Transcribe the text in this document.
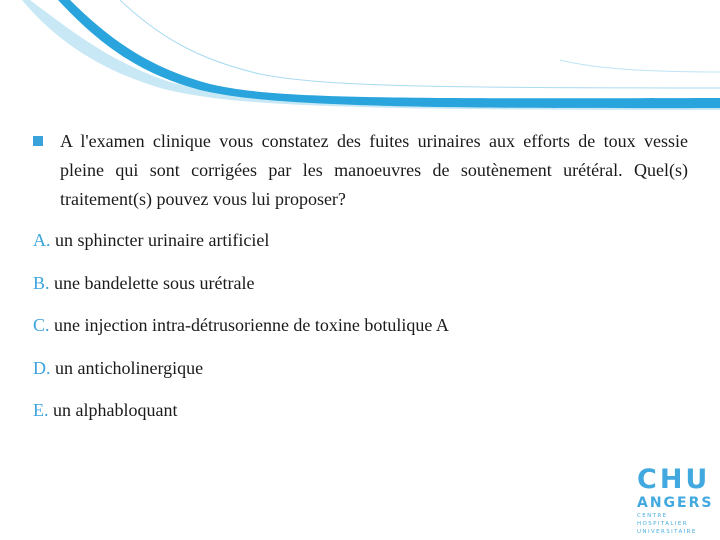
A l'examen clinique vous constatez des fuites urinaires aux efforts de toux vessie pleine qui sont corrigées par les manoeuvres de soutènement urétéral. Quel(s) traitement(s) pouvez vous lui proposer?
A. un sphincter urinaire artificiel
B. une bandelette sous urétrale
C. une injection intra-détrusorienne de toxine botulique A
D. un anticholinergique
E. un alphabloquant
CHU
ANGERS
CENTRE HOSPITALIER
UNIVERSITAIRE
